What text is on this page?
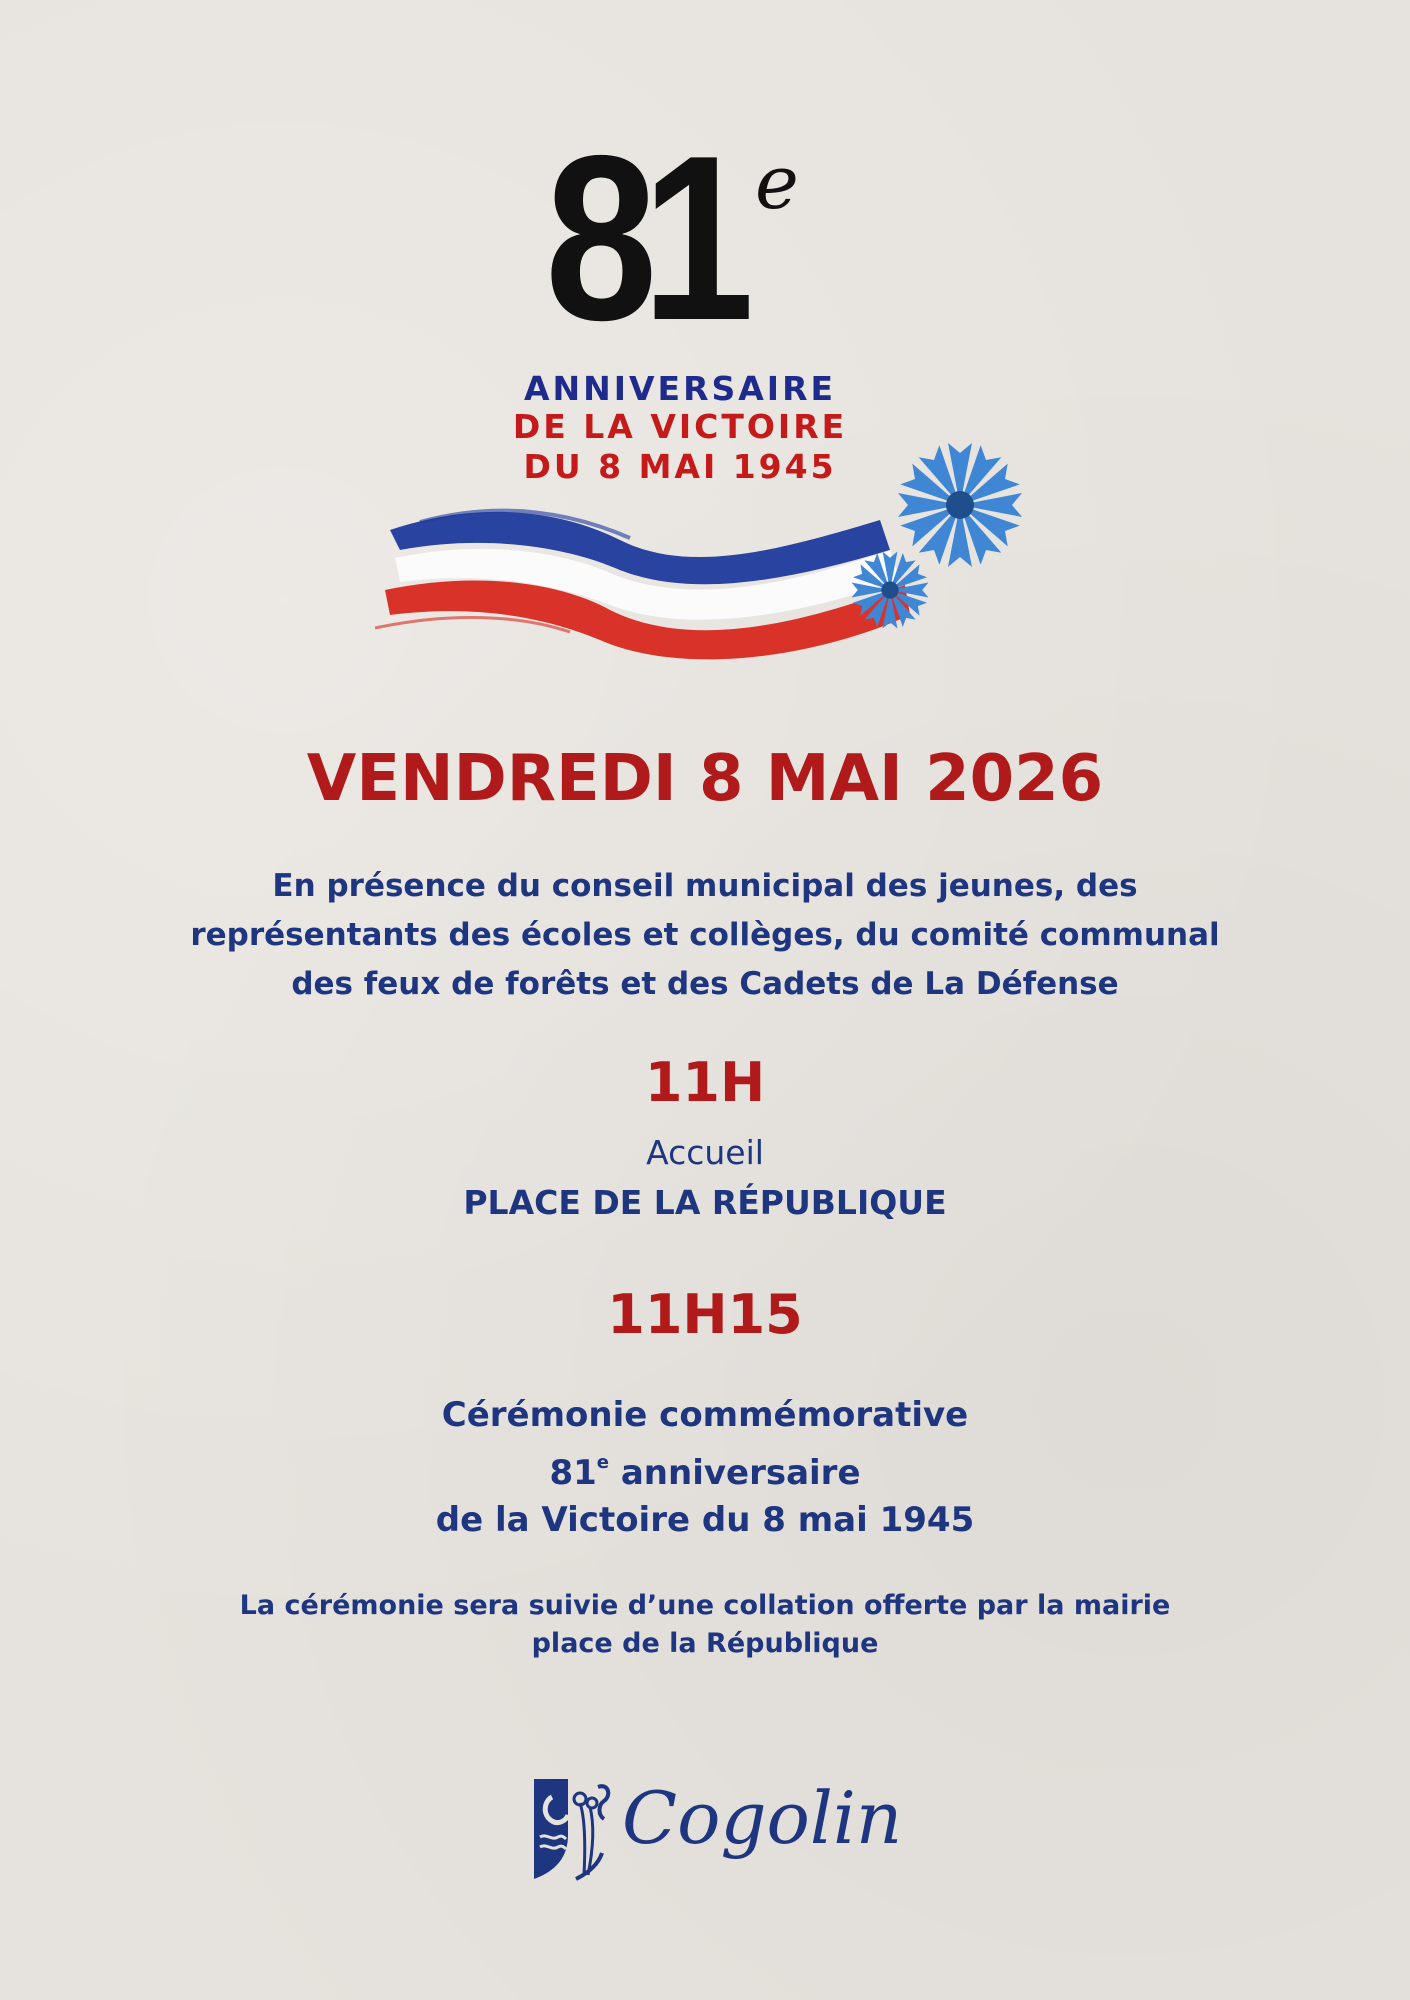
81 e
ANNIVERSAIRE
DE LA VICTOIRE
DU 8 MAI 1945
VENDREDI 8 MAI 2026
En présence du conseil municipal des jeunes, des
représentants des écoles et collèges, du comité communal
des feux de forêts et des Cadets de La Défense
11H
Accueil
PLACE DE LA RÉPUBLIQUE
11H15
Cérémonie commémorative
81e anniversaire
de la Victoire du 8 mai 1945
La cérémonie sera suivie d’une collation offerte par la mairie
place de la République
Cogolin
